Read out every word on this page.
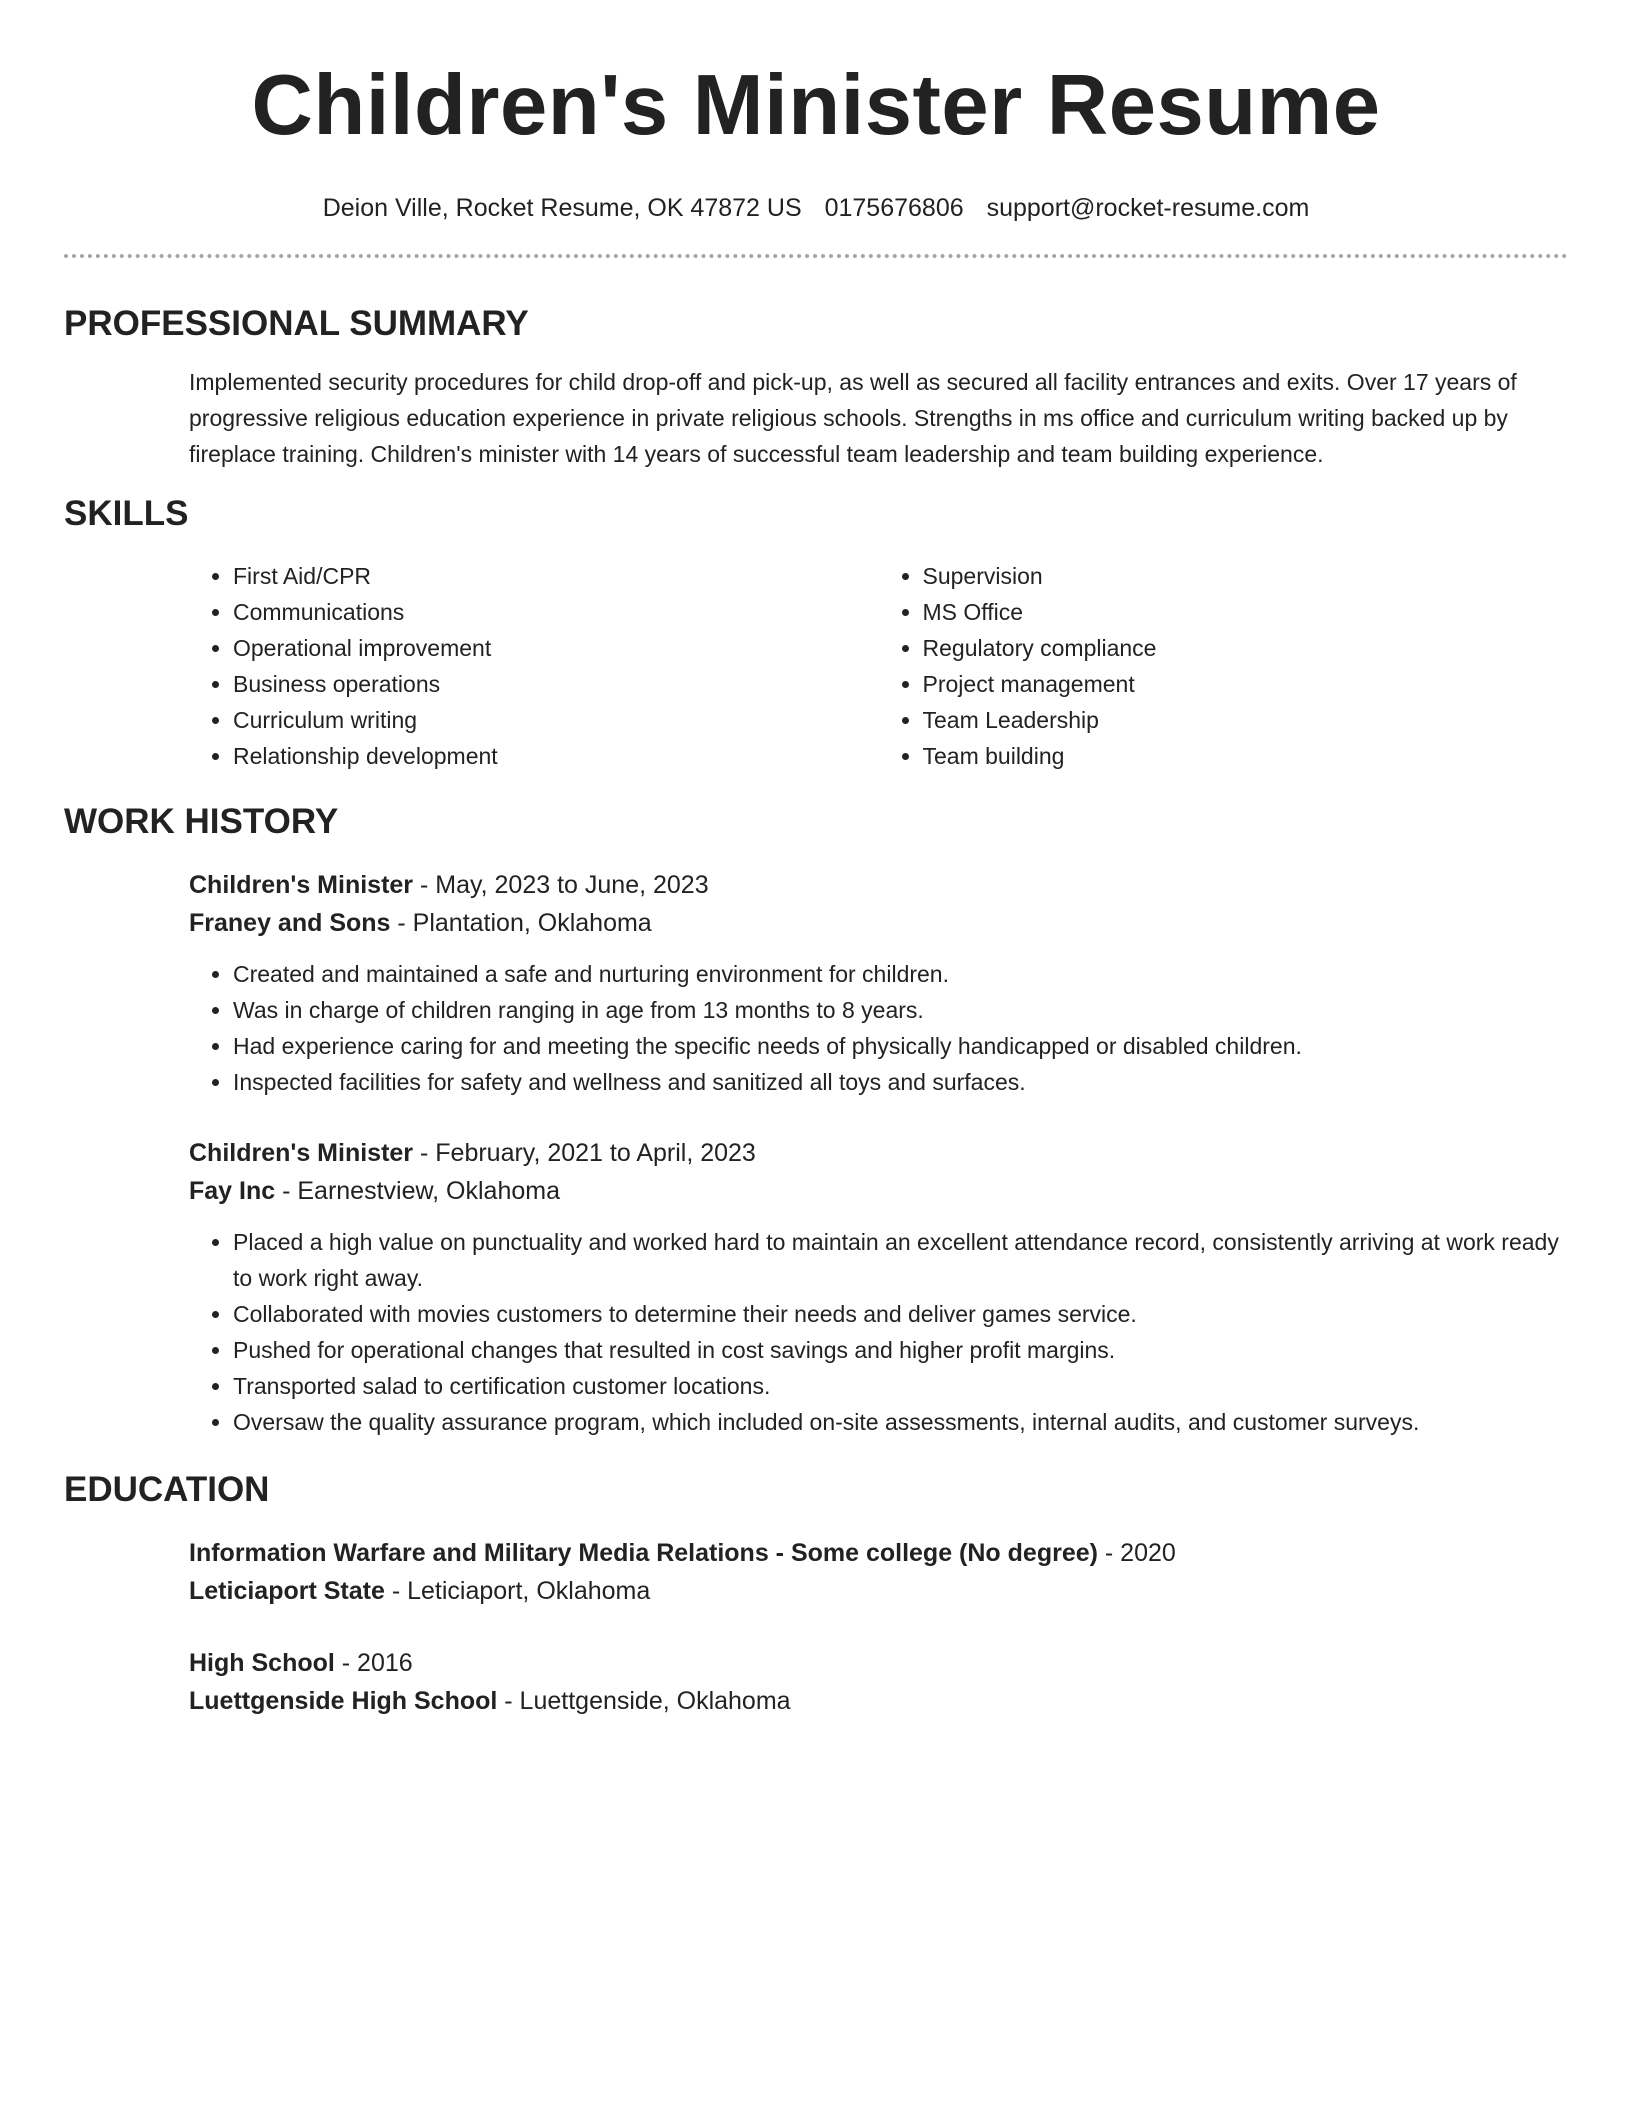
Children's Minister Resume
Deion Ville, Rocket Resume, OK 47872 US 0175676806 support@rocket-resume.com
PROFESSIONAL SUMMARY
Implemented security procedures for child drop-off and pick-up, as well as secured all facility entrances and exits. Over 17 years of progressive religious education experience in private religious schools. Strengths in ms office and curriculum writing backed up by fireplace training. Children's minister with 14 years of successful team leadership and team building experience.
SKILLS
• First Aid/CPR
• Communications
• Operational improvement
• Business operations
• Curriculum writing
• Relationship development
• Supervision
• MS Office
• Regulatory compliance
• Project management
• Team Leadership
• Team building
WORK HISTORY
Children's Minister - May, 2023 to June, 2023
Franey and Sons - Plantation, Oklahoma
• Created and maintained a safe and nurturing environment for children.
• Was in charge of children ranging in age from 13 months to 8 years.
• Had experience caring for and meeting the specific needs of physically handicapped or disabled children.
• Inspected facilities for safety and wellness and sanitized all toys and surfaces.
Children's Minister - February, 2021 to April, 2023
Fay Inc - Earnestview, Oklahoma
• Placed a high value on punctuality and worked hard to maintain an excellent attendance record, consistently arriving at work ready to work right away.
• Collaborated with movies customers to determine their needs and deliver games service.
• Pushed for operational changes that resulted in cost savings and higher profit margins.
• Transported salad to certification customer locations.
• Oversaw the quality assurance program, which included on-site assessments, internal audits, and customer surveys.
EDUCATION
Information Warfare and Military Media Relations - Some college (No degree) - 2020
Leticiaport State - Leticiaport, Oklahoma
High School - 2016
Luettgenside High School - Luettgenside, Oklahoma
